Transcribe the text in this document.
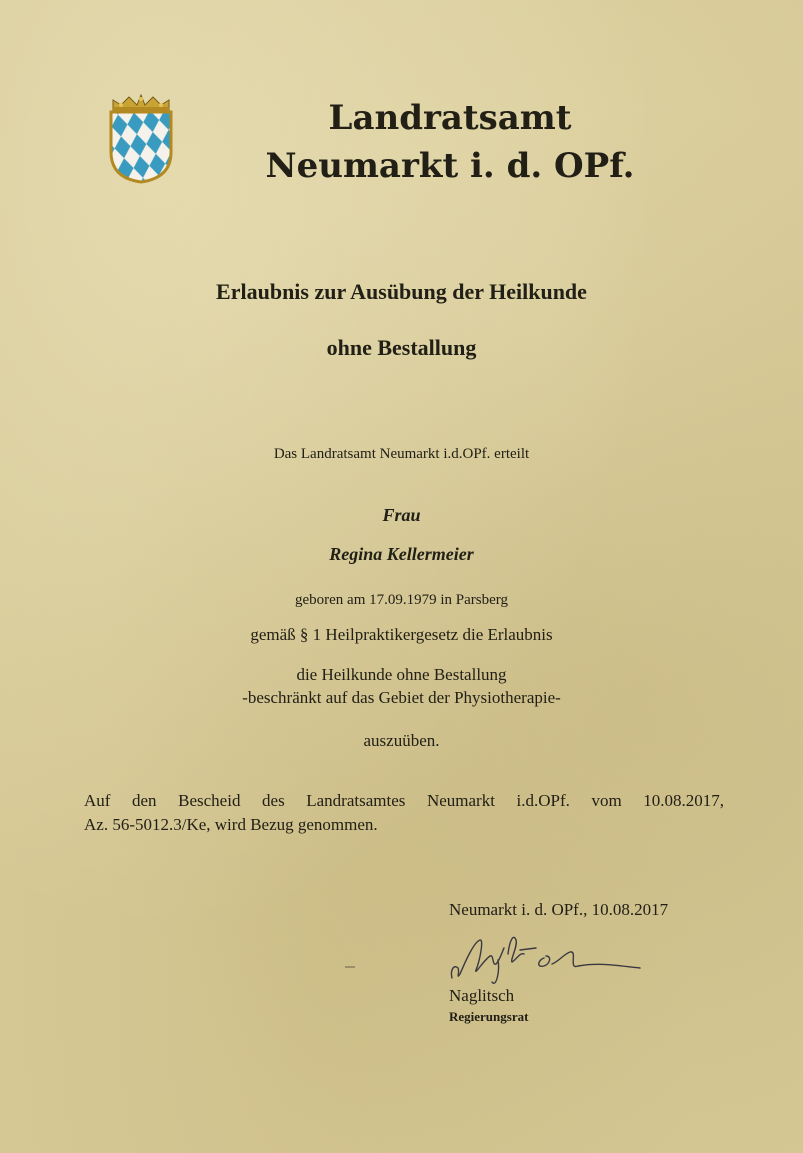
Landratsamt

Neumarkt i. d. OPf.

Erlaubnis zur Ausübung der Heilkunde

ohne Bestallung

Das Landratsamt Neumarkt i.d.OPf. erteilt

Frau

Regina Kellermeier

geboren am 17.09.1979 in Parsberg

gemäß § 1 Heilpraktikergesetz die Erlaubnis

die Heilkunde ohne Bestallung

-beschränkt auf das Gebiet der Physiotherapie-

auszuüben.

Auf den Bescheid des Landratsamtes Neumarkt i.d.OPf. vom 10.08.2017,

Az. 56-5012.3/Ke, wird Bezug genommen.

Neumarkt i. d. OPf., 10.08.2017

Naglitsch

Regierungsrat
